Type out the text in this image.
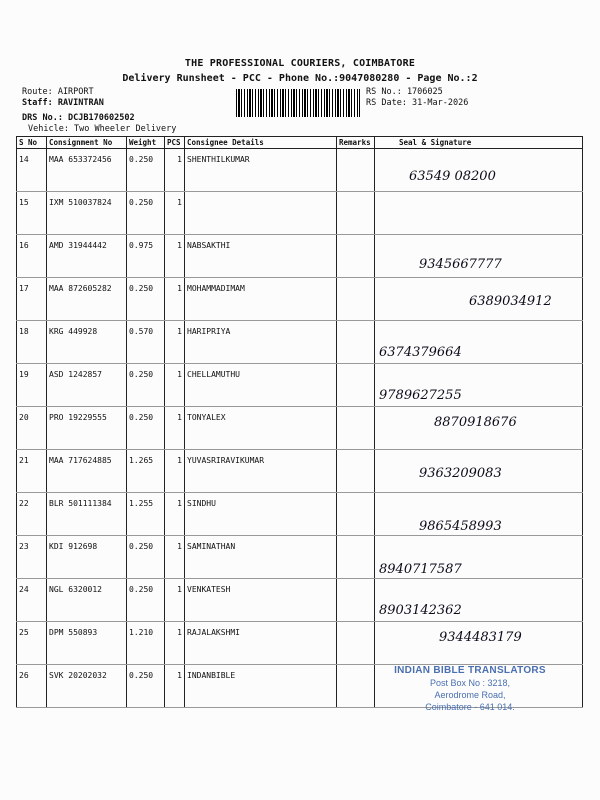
THE PROFESSIONAL COURIERS, COIMBATORE
Delivery Runsheet - PCC - Phone No.:9047080280 - Page No.:2
Route: AIRPORT
Staff: RAVINTRAN
DRS No.: DCJB170602502
Vehicle: Two Wheeler Delivery
RS No.: 1706025
RS Date: 31-Mar-2026
S No	Consignment No	Weight	PCS	Consignee Details	Remarks	Seal & Signature
14	MAA 653372456	0.250	1	SHENTHILKUMAR		63549 08200

15	IXM 510037824	0.250	1			

16	AMD 31944442	0.975	1	NABSAKTHI		9345667777

17	MAA 872605282	0.250	1	MOHAMMADIMAM		6389034912

18	KRG 449928	0.570	1	HARIPRIYA		6374379664

19	ASD 1242857	0.250	1	CHELLAMUTHU		9789627255

20	PRO 19229555	0.250	1	TONYALEX		8870918676

21	MAA 717624885	1.265	1	YUVASRIRAVIKUMAR		9363209083

22	BLR 501111384	1.255	1	SINDHU		9865458993

23	KDI 912698	0.250	1	SAMINATHAN		8940717587

24	NGL 6320012	0.250	1	VENKATESH		8903142362

25	DPM 550893	1.210	1	RAJALAKSHMI		9344483179

26	SVK 20202032	0.250	1	INDANBIBLE			INDIAN BIBLE TRANSLATORS
Post Box No : 3218,
Aerodrome Road,
Coimbatore - 641 014.
